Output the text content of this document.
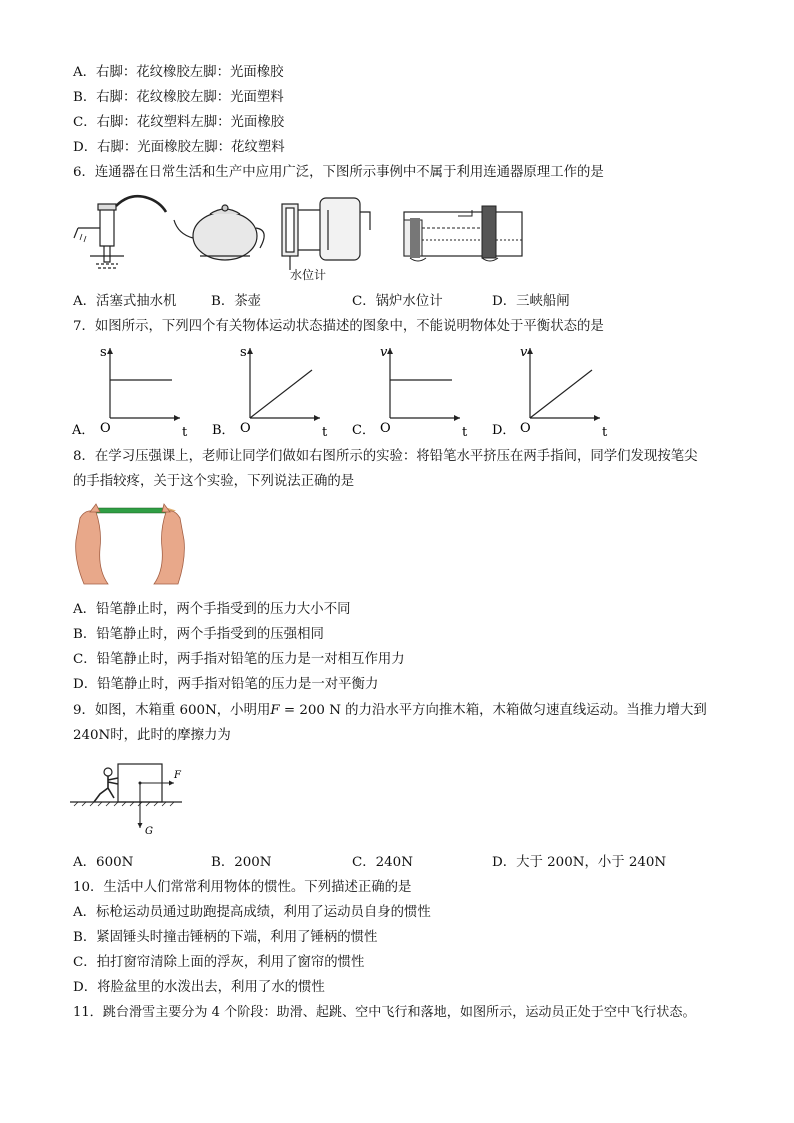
A．右脚：花纹橡胶左脚：光面橡胶
B．右脚：花纹橡胶左脚：光面塑料
C．右脚：花纹塑料左脚：光面橡胶
D．右脚：光面橡胶左脚：花纹塑料
6．连通器在日常生活和生产中应用广泛，下图所示事例中不属于利用连通器原理工作的是
水位计
A．活塞式抽水机	B．茶壶	C．锅炉水位计	D．三峡船闸
7．如图所示，下列四个有关物体运动状态描述的图象中，不能说明物体处于平衡状态的是
A．
s
O	t B．
s
O	t C．
v
O	t D．
v
O	t
8．在学习压强课上，老师让同学们做如右图所示的实验：将铅笔水平挤压在两手指间，同学们发现按笔尖
的手指较疼，关于这个实验，下列说法正确的是
A．铅笔静止时，两个手指受到的压力大小不同
B．铅笔静止时，两个手指受到的压强相同
C．铅笔静止时，两手指对铅笔的压力是一对相互作用力
D．铅笔静止时，两手指对铅笔的压力是一对平衡力
9．如图，木箱重 600N，小明用F = 200 N 的力沿水平方向推木箱，木箱做匀速直线运动。当推力增大到
240N时，此时的摩擦力为
F
G
A．600N	B．200N	C．240N	D．大于 200N，小于 240N
10．生活中人们常常利用物体的惯性。下列描述正确的是
A．标枪运动员通过助跑提高成绩，利用了运动员自身的惯性
B．紧固锤头时撞击锤柄的下端，利用了锤柄的惯性
C．拍打窗帘清除上面的浮灰，利用了窗帘的惯性
D．将脸盆里的水泼出去，利用了水的惯性
11．跳台滑雪主要分为 4 个阶段：助滑、起跳、空中飞行和落地，如图所示，运动员正处于空中飞行状态。
